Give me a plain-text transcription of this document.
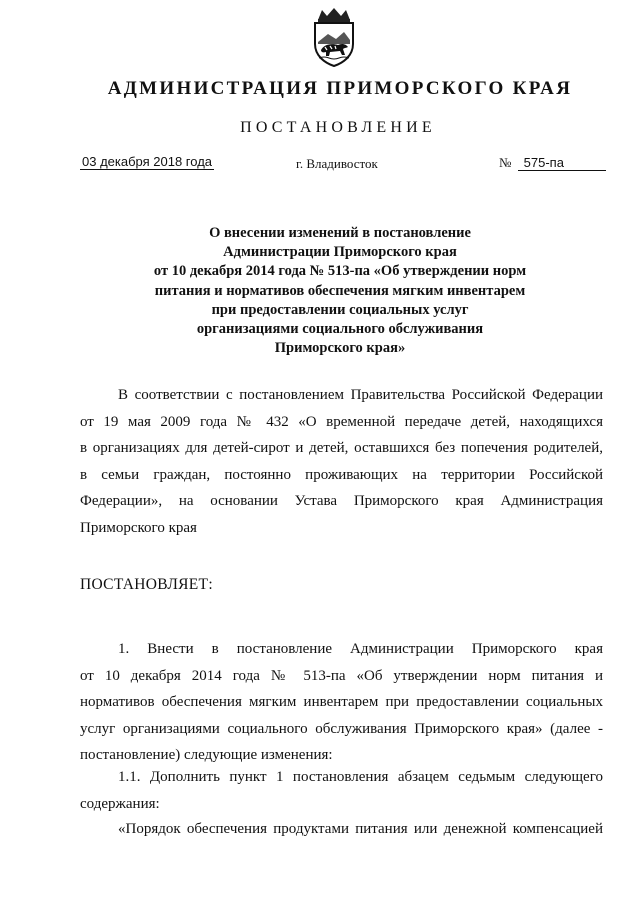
АДМИНИСТРАЦИЯ ПРИМОРСКОГО КРАЯ
ПОСТАНОВЛЕНИЕ
03 декабря 2018 года	г. Владивосток	№ 575-па
О внесении изменений в постановление
Администрации Приморского края
от 10 декабря 2014 года № 513-па «Об утверждении норм
питания и нормативов обеспечения мягким инвентарем
при предоставлении социальных услуг
организациями социального обслуживания
Приморского края»
В соответствии с постановлением Правительства Российской Федерации
от 19 мая 2009 года № 432 «О временной передаче детей, находящихся
в организациях для детей-сирот и детей, оставшихся без попечения родителей,
в семьи граждан, постоянно проживающих на территории Российской
Федерации», на основании Устава Приморского края Администрация
Приморского края
ПОСТАНОВЛЯЕТ:
1. Внести в постановление Администрации Приморского края
от 10 декабря 2014 года № 513-па «Об утверждении норм питания и
нормативов обеспечения мягким инвентарем при предоставлении социальных
услуг организациями социального обслуживания Приморского края» (далее -
постановление) следующие изменения:
1.1. Дополнить пункт 1 постановления абзацем седьмым следующего
содержания:
«Порядок обеспечения продуктами питания или денежной компенсацией
